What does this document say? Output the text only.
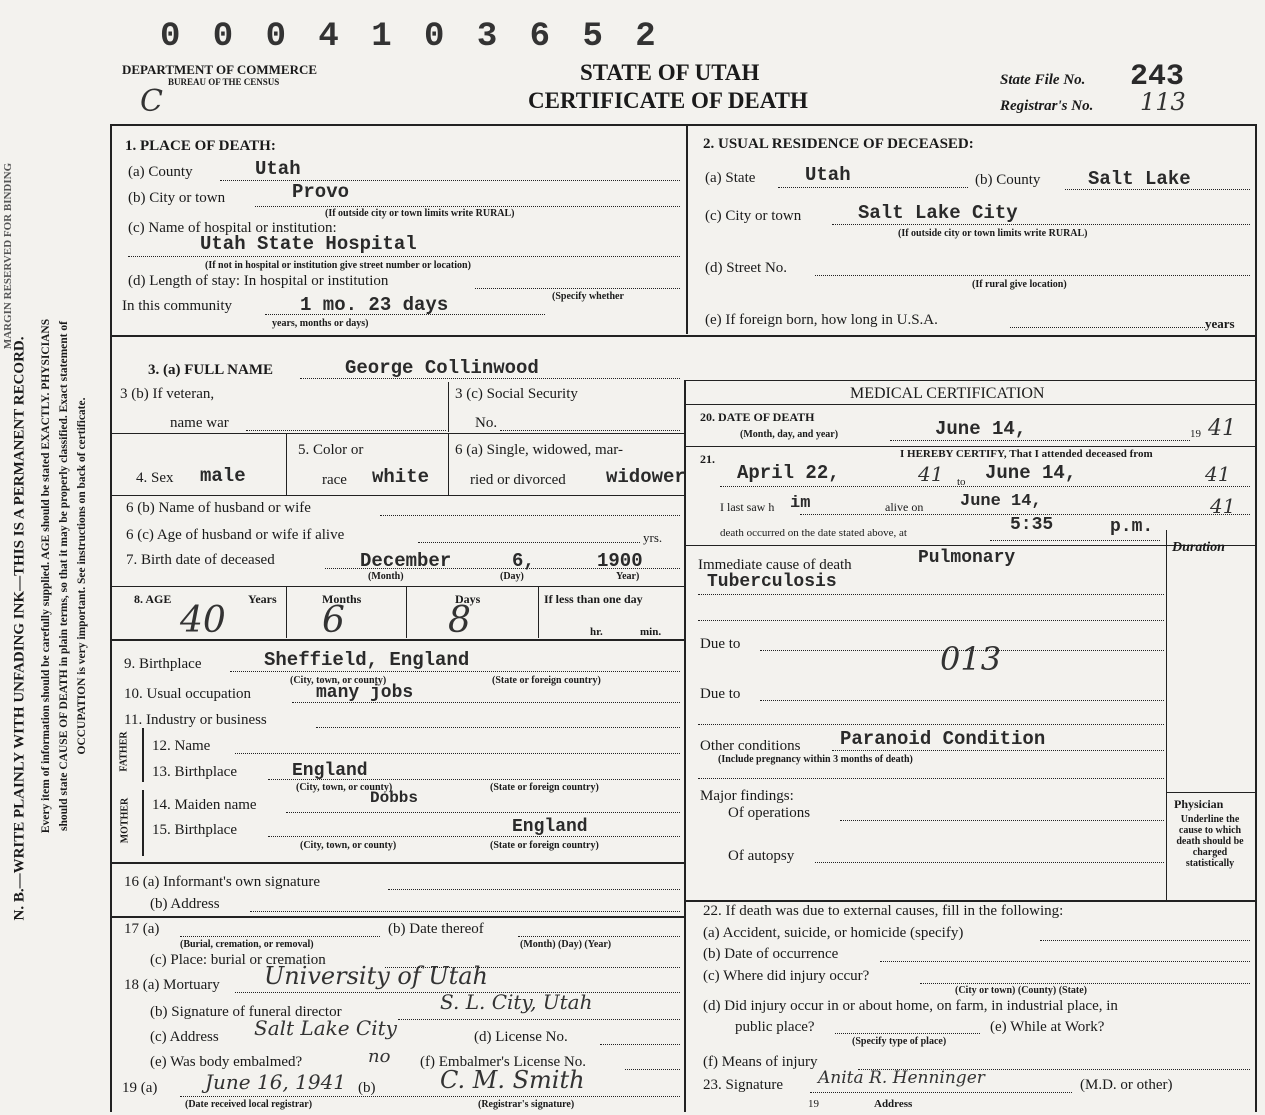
0 0 0 4 1 0 3 6 5 2
DEPARTMENT OF COMMERCE
BUREAU OF THE CENSUS
C
STATE OF UTAH
CERTIFICATE OF DEATH
State File No. 243
Registrar's No. 113
N. B.—WRITE PLAINLY WITH UNFADING INK—THIS IS A PERMANENT RECORD. Every item of information should be carefully supplied. AGE should be stated EXACTLY. PHYSICIANS should state CAUSE OF DEATH in plain terms, so that it may be properly classified. Exact statement of OCCUPATION is very important. See instructions on back of certificate.
MARGIN RESERVED FOR BINDING
1. PLACE OF DEATH:
(a) County	Utah
(b) City or town	Provo
(If outside city or town limits write RURAL)
(c) Name of hospital or institution:
Utah State Hospital
(If not in hospital or institution give street number or location)
(d) Length of stay: In hospital or institution
In this community	1 mo. 23 days	(Specify whether
years, months or days)
2. USUAL RESIDENCE OF DECEASED:
(a) State	Utah	(b) County	Salt Lake
(c) City or town	Salt Lake City
(If outside city or town limits write RURAL)
(d) Street No.
(If rural give location)
(e) If foreign born, how long in U.S.A.	years
3. (a) FULL NAME	George Collinwood
MEDICAL CERTIFICATION
3 (b) If veteran,
name war
3 (c) Social Security
No.
4. Sex male
5. Color or
race white
6 (a) Single, widowed, mar-
ried or divorced widower
6 (b) Name of husband or wife
6 (c) Age of husband or wife if alive	yrs.
7. Birth date of deceased	December	6,	1900
(Month)	(Day)	Year)
8. AGE	Years
40
Months
6
Days
8
If less than one day
hr.	min.
9. Birthplace	Sheffield, England
(City, town, or county)	(State or foreign country)
10. Usual occupation	many jobs
11. Industry or business
FATHER 12. Name
13. Birthplace	England
(City, town, or county)	(State or foreign country)
MOTHER 14. Maiden name	Dobbs
15. Birthplace	England
(City, town, or county)	(State or foreign country)
16 (a) Informant's own signature
(b) Address
17 (a)
(Burial, cremation, or removal)
(b) Date thereof
(Month) (Day) (Year)
(c) Place: burial or cremation
18 (a) Mortuary University of Utah
(b) Signature of funeral director	S. L. City, Utah
(c) Address Salt Lake City	(d) License No.
(e) Was body embalmed?	no (f) Embalmer's License No.
19 (a) June 16, 1941 (b)	C. M. Smith
(Date received local registrar)	(Registrar's signature)
20. DATE OF DEATH
(Month, day, and year)	June 14,	19 41
21.	I HEREBY CERTIFY, That I attended deceased from
April 22,	41 to June 14,	41
I last saw h im	alive on June 14,	41
death occurred on the date stated above, at	5:35	p.m.
Duration
Immediate cause of death	Pulmonary
Tuberculosis
Due to	013
Due to
Other conditions Paranoid Condition
(Include pregnancy within 3 months of death)
Major findings:
Of operations
Of autopsy
Physician
Underline the cause to which death should be charged statistically
22. If death was due to external causes, fill in the following:
(a) Accident, suicide, or homicide (specify)
(b) Date of occurrence
(c) Where did injury occur?
(City or town) (County) (State)
(d) Did injury occur in or about home, on farm, in industrial place, in
public place?	(e) While at Work?
(Specify type of place)
(f) Means of injury
23. Signature Anita R. Henninger	(M.D. or other)
19	Address
